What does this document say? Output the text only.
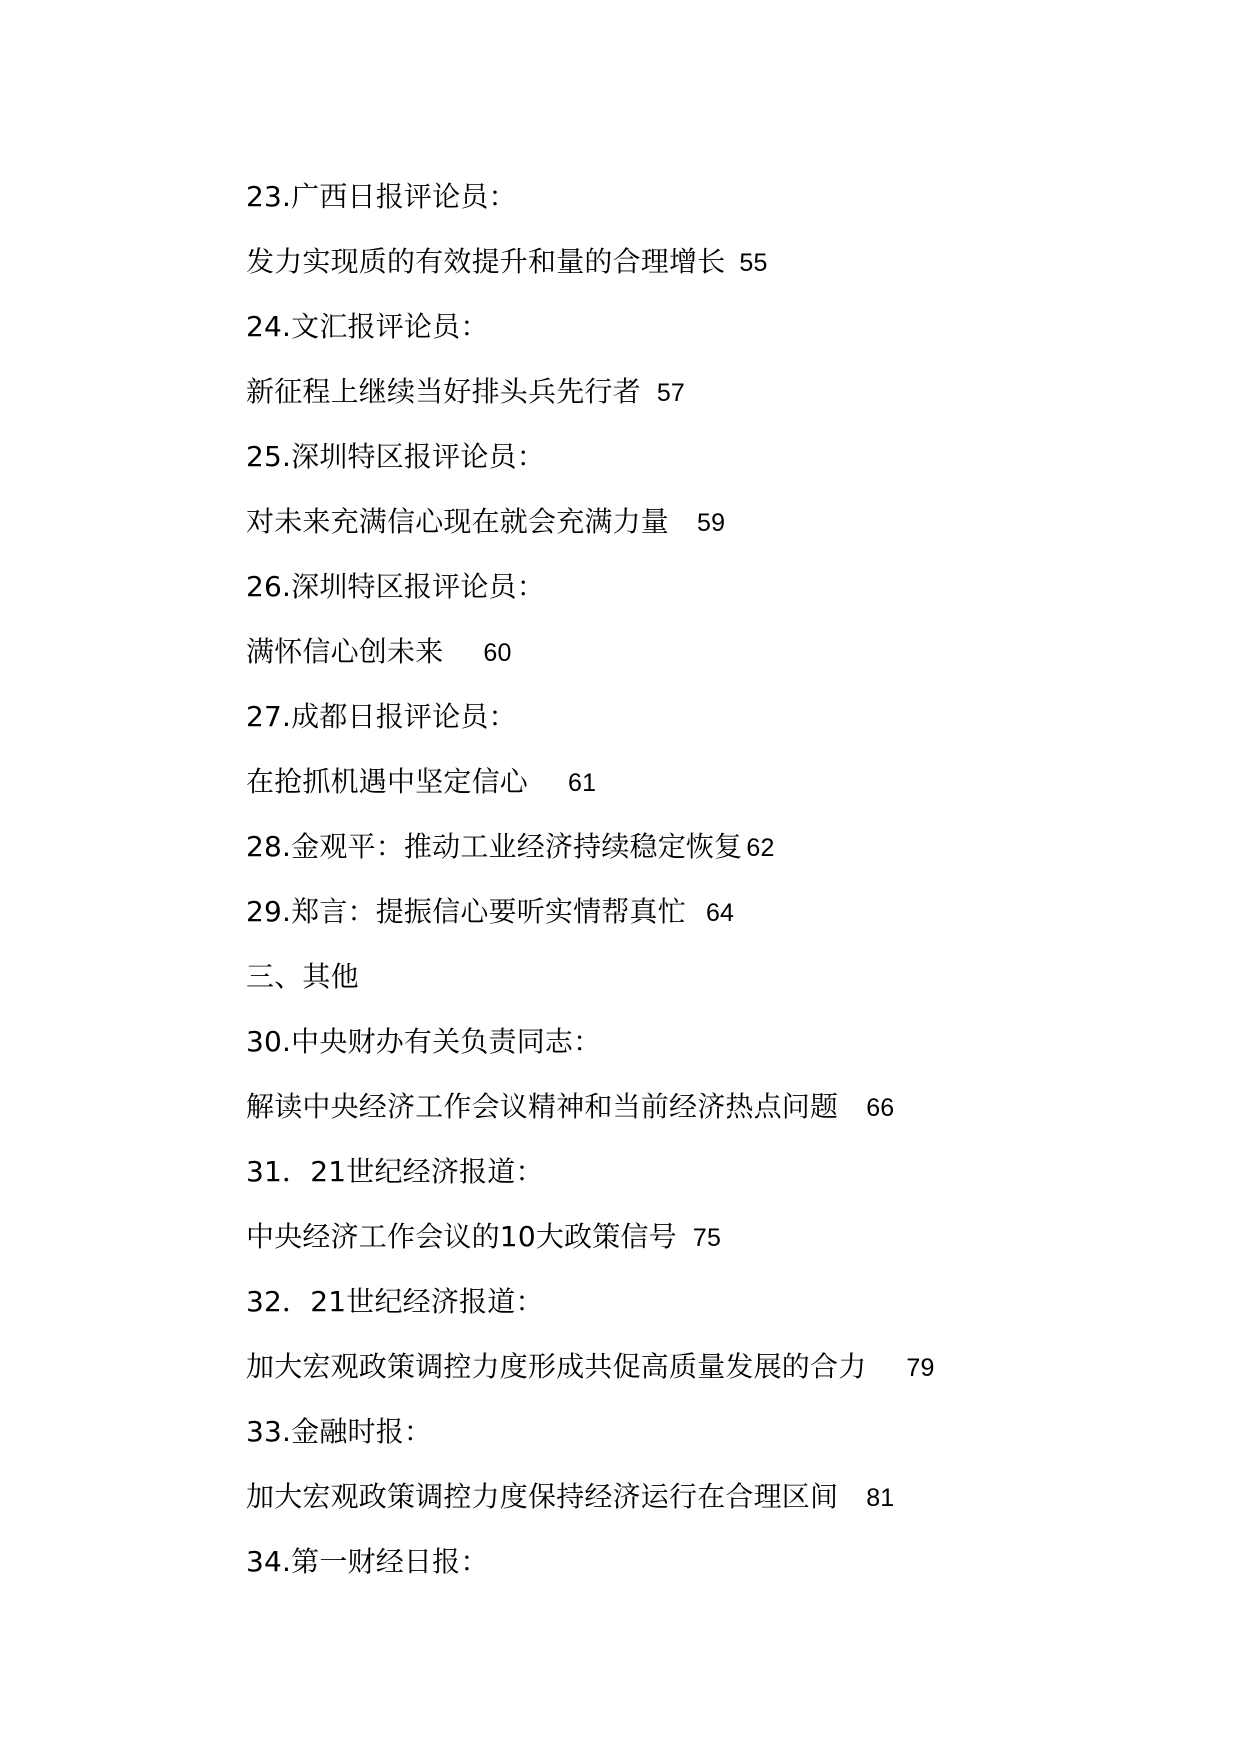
23.广西日报评论员：
发力实现质的有效提升和量的合理增长 55
24.文汇报评论员：
新征程上继续当好排头兵先行者 57
25.深圳特区报评论员：
对未来充满信心现在就会充满力量 59
26.深圳特区报评论员：
满怀信心创未来 60
27.成都日报评论员：
在抢抓机遇中坚定信心 61
28.金观平：推动工业经济持续稳定恢复 62
29.郑言：提振信心要听实情帮真忙 64
三、其他
30.中央财办有关负责同志：
解读中央经济工作会议精神和当前经济热点问题 66
31．21世纪经济报道：
中央经济工作会议的10大政策信号 75
32．21世纪经济报道：
加大宏观政策调控力度形成共促高质量发展的合力 79
33.金融时报：
加大宏观政策调控力度保持经济运行在合理区间 81
34.第一财经日报：
